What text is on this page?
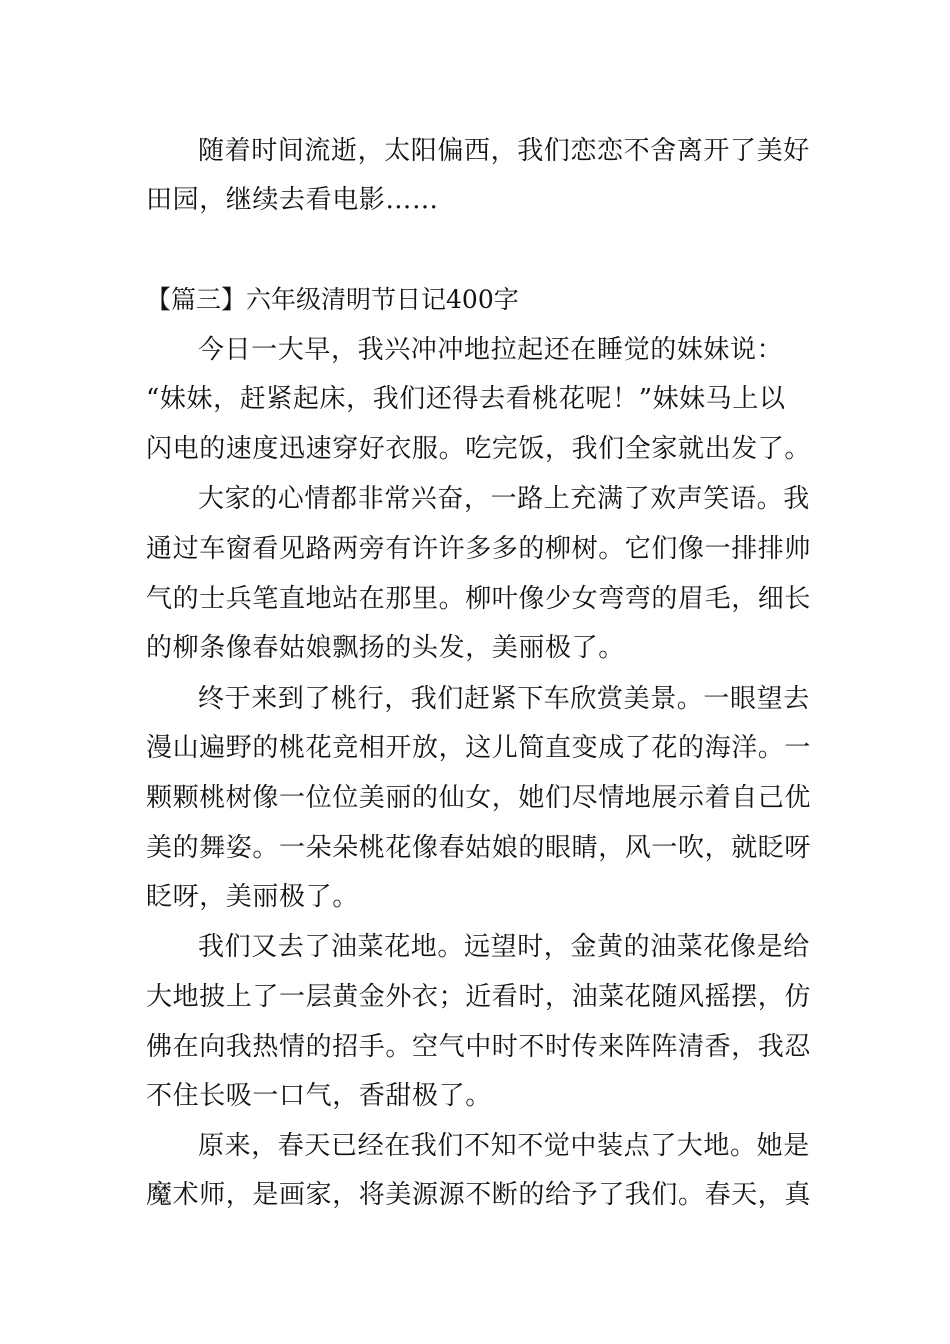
随着时间流逝，太阳偏西，我们恋恋不舍离开了美好
田园，继续去看电影……
【篇三】六年级清明节日记400字
今日一大早，我兴冲冲地拉起还在睡觉的妹妹说：
“妹妹，赶紧起床，我们还得去看桃花呢！”妹妹马上以
闪电的速度迅速穿好衣服。吃完饭，我们全家就出发了。
大家的心情都非常兴奋，一路上充满了欢声笑语。我
通过车窗看见路两旁有许许多多的柳树。它们像一排排帅
气的士兵笔直地站在那里。柳叶像少女弯弯的眉毛，细长
的柳条像春姑娘飘扬的头发，美丽极了。
终于来到了桃行，我们赶紧下车欣赏美景。一眼望去
漫山遍野的桃花竞相开放，这儿简直变成了花的海洋。一
颗颗桃树像一位位美丽的仙女，她们尽情地展示着自己优
美的舞姿。一朵朵桃花像春姑娘的眼睛，风一吹，就眨呀
眨呀，美丽极了。
我们又去了油菜花地。远望时，金黄的油菜花像是给
大地披上了一层黄金外衣；近看时，油菜花随风摇摆，仿
佛在向我热情的招手。空气中时不时传来阵阵清香，我忍
不住长吸一口气，香甜极了。
原来，春天已经在我们不知不觉中装点了大地。她是
魔术师，是画家，将美源源不断的给予了我们。春天，真
